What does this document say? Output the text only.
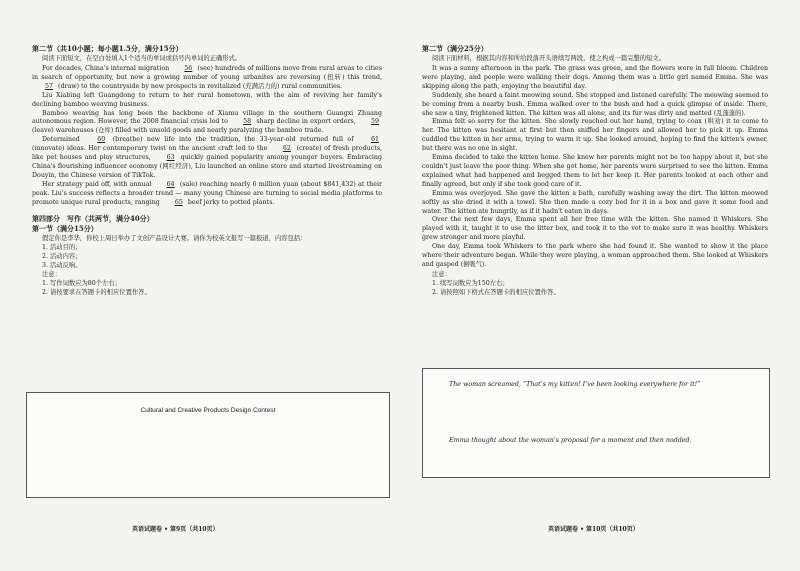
第二节（共10小题；每小题1.5分，满分15分）

阅读下面短文，在空白处填入1个适当的单词或括号内单词的正确形式。

For decades, China's internal migration 56 (see) hundreds of millions move from rural areas to cities in search of opportunity, but now a growing number of young urbanites are reversing (扭转) this trend, 57 (draw) to the countryside by new prospects in revitalized (充满活力的) rural communities.

Liu Xiabing left Guangdong to return to her rural hometown, with the aim of reviving her family's declining bamboo weaving business.

Bamboo weaving has long been the backbone of Xiamu village in the southern Guangxi Zhuang autonomous region. However, the 2008 financial crisis led to 58 sharp decline in export orders, 59 (leave) warehouses (仓库) filled with unsold goods and nearly paralyzing the bamboo trade.

Determined	60 (breathe) new life into the tradition, the 33-year-old returned full of	61 (innovate) ideas. Her contemporary twist on the ancient craft led to the 62 (create) of fresh products, like pet houses and play structures,	63 quickly gained popularity among younger buyers. Embracing China's flourishing influencer economy (网红经济), Liu launched an online store and started livestreaming on Douyin, the Chinese version of TikTok.

Her strategy paid off, with annual 64 (sale) reaching nearly 6 million yuan (about $841,432) at their peak. Liu's success reflects a broader trend — many young Chinese are turning to social media platforms to promote unique rural products, ranging 65 beef jerky to potted plants.

第四部分　写作（共两节，满分40分）

第一节（满分15分）

假定你是李华，你校上周日举办了文创产品设计大赛。请你为校英文报写一篇报道，内容包括：

1. 活动目的；

2. 活动内容；

3. 活动反响。

注意：

1. 写作词数应为80个左右；

2. 请按要求在答题卡的相应位置作答。

Cultural and Creative Products Design Contest
英语试题卷 • 第9页（共10页）

第二节（满分25分）

阅读下面材料，根据其内容和所给段落开头语续写两段，使之构成一篇完整的短文。

It was a sunny afternoon in the park. The grass was green, and the flowers were in full bloom. Children were playing, and people were walking their dogs. Among them was a little girl named Emma. She was skipping along the path, enjoying the beautiful day.

Suddenly, she heard a faint meowing sound. She stopped and listened carefully. The meowing seemed to be coming from a nearby bush. Emma walked over to the bush and had a quick glimpse of inside. There, she saw a tiny, frightened kitten. The kitten was all alone, and its fur was dirty and matted (乱蓬蓬的).

Emma felt so sorry for the kitten. She slowly reached out her hand, trying to coax (哄劝) it to come to her. The kitten was hesitant at first but then sniffed her fingers and allowed her to pick it up. Emma cuddled the kitten in her arms, trying to warm it up. She looked around, hoping to find the kitten's owner, but there was no one in sight.

Emma decided to take the kitten home. She knew her parents might not be too happy about it, but she couldn't just leave the poor thing. When she got home, her parents were surprised to see the kitten. Emma explained what had happened and begged them to let her keep it. Her parents looked at each other and finally agreed, but only if she took good care of it.

Emma was overjoyed. She gave the kitten a bath, carefully washing away the dirt. The kitten meowed softly as she dried it with a towel. She then made a cozy bed for it in a box and gave it some food and water. The kitten ate hungrily, as if it hadn't eaten in days.

Over the next few days, Emma spent all her free time with the kitten. She named it Whiskers. She played with it, taught it to use the litter box, and took it to the vet to make sure it was healthy. Whiskers grew stronger and more playful.

One day, Emma took Whiskers to the park where she had found it. She wanted to show it the place where their adventure began. While they were playing, a woman approached them. She looked at Whiskers and gasped (倒吸气).

注意：

1. 续写词数应为150左右；

2. 请按照如下格式在答题卡的相应位置作答。

The woman screamed, “That’s my kitten! I’ve been looking everywhere for it!”
Emma thought about the woman’s proposal for a moment and then nodded.
英语试题卷 • 第10页（共10页）
